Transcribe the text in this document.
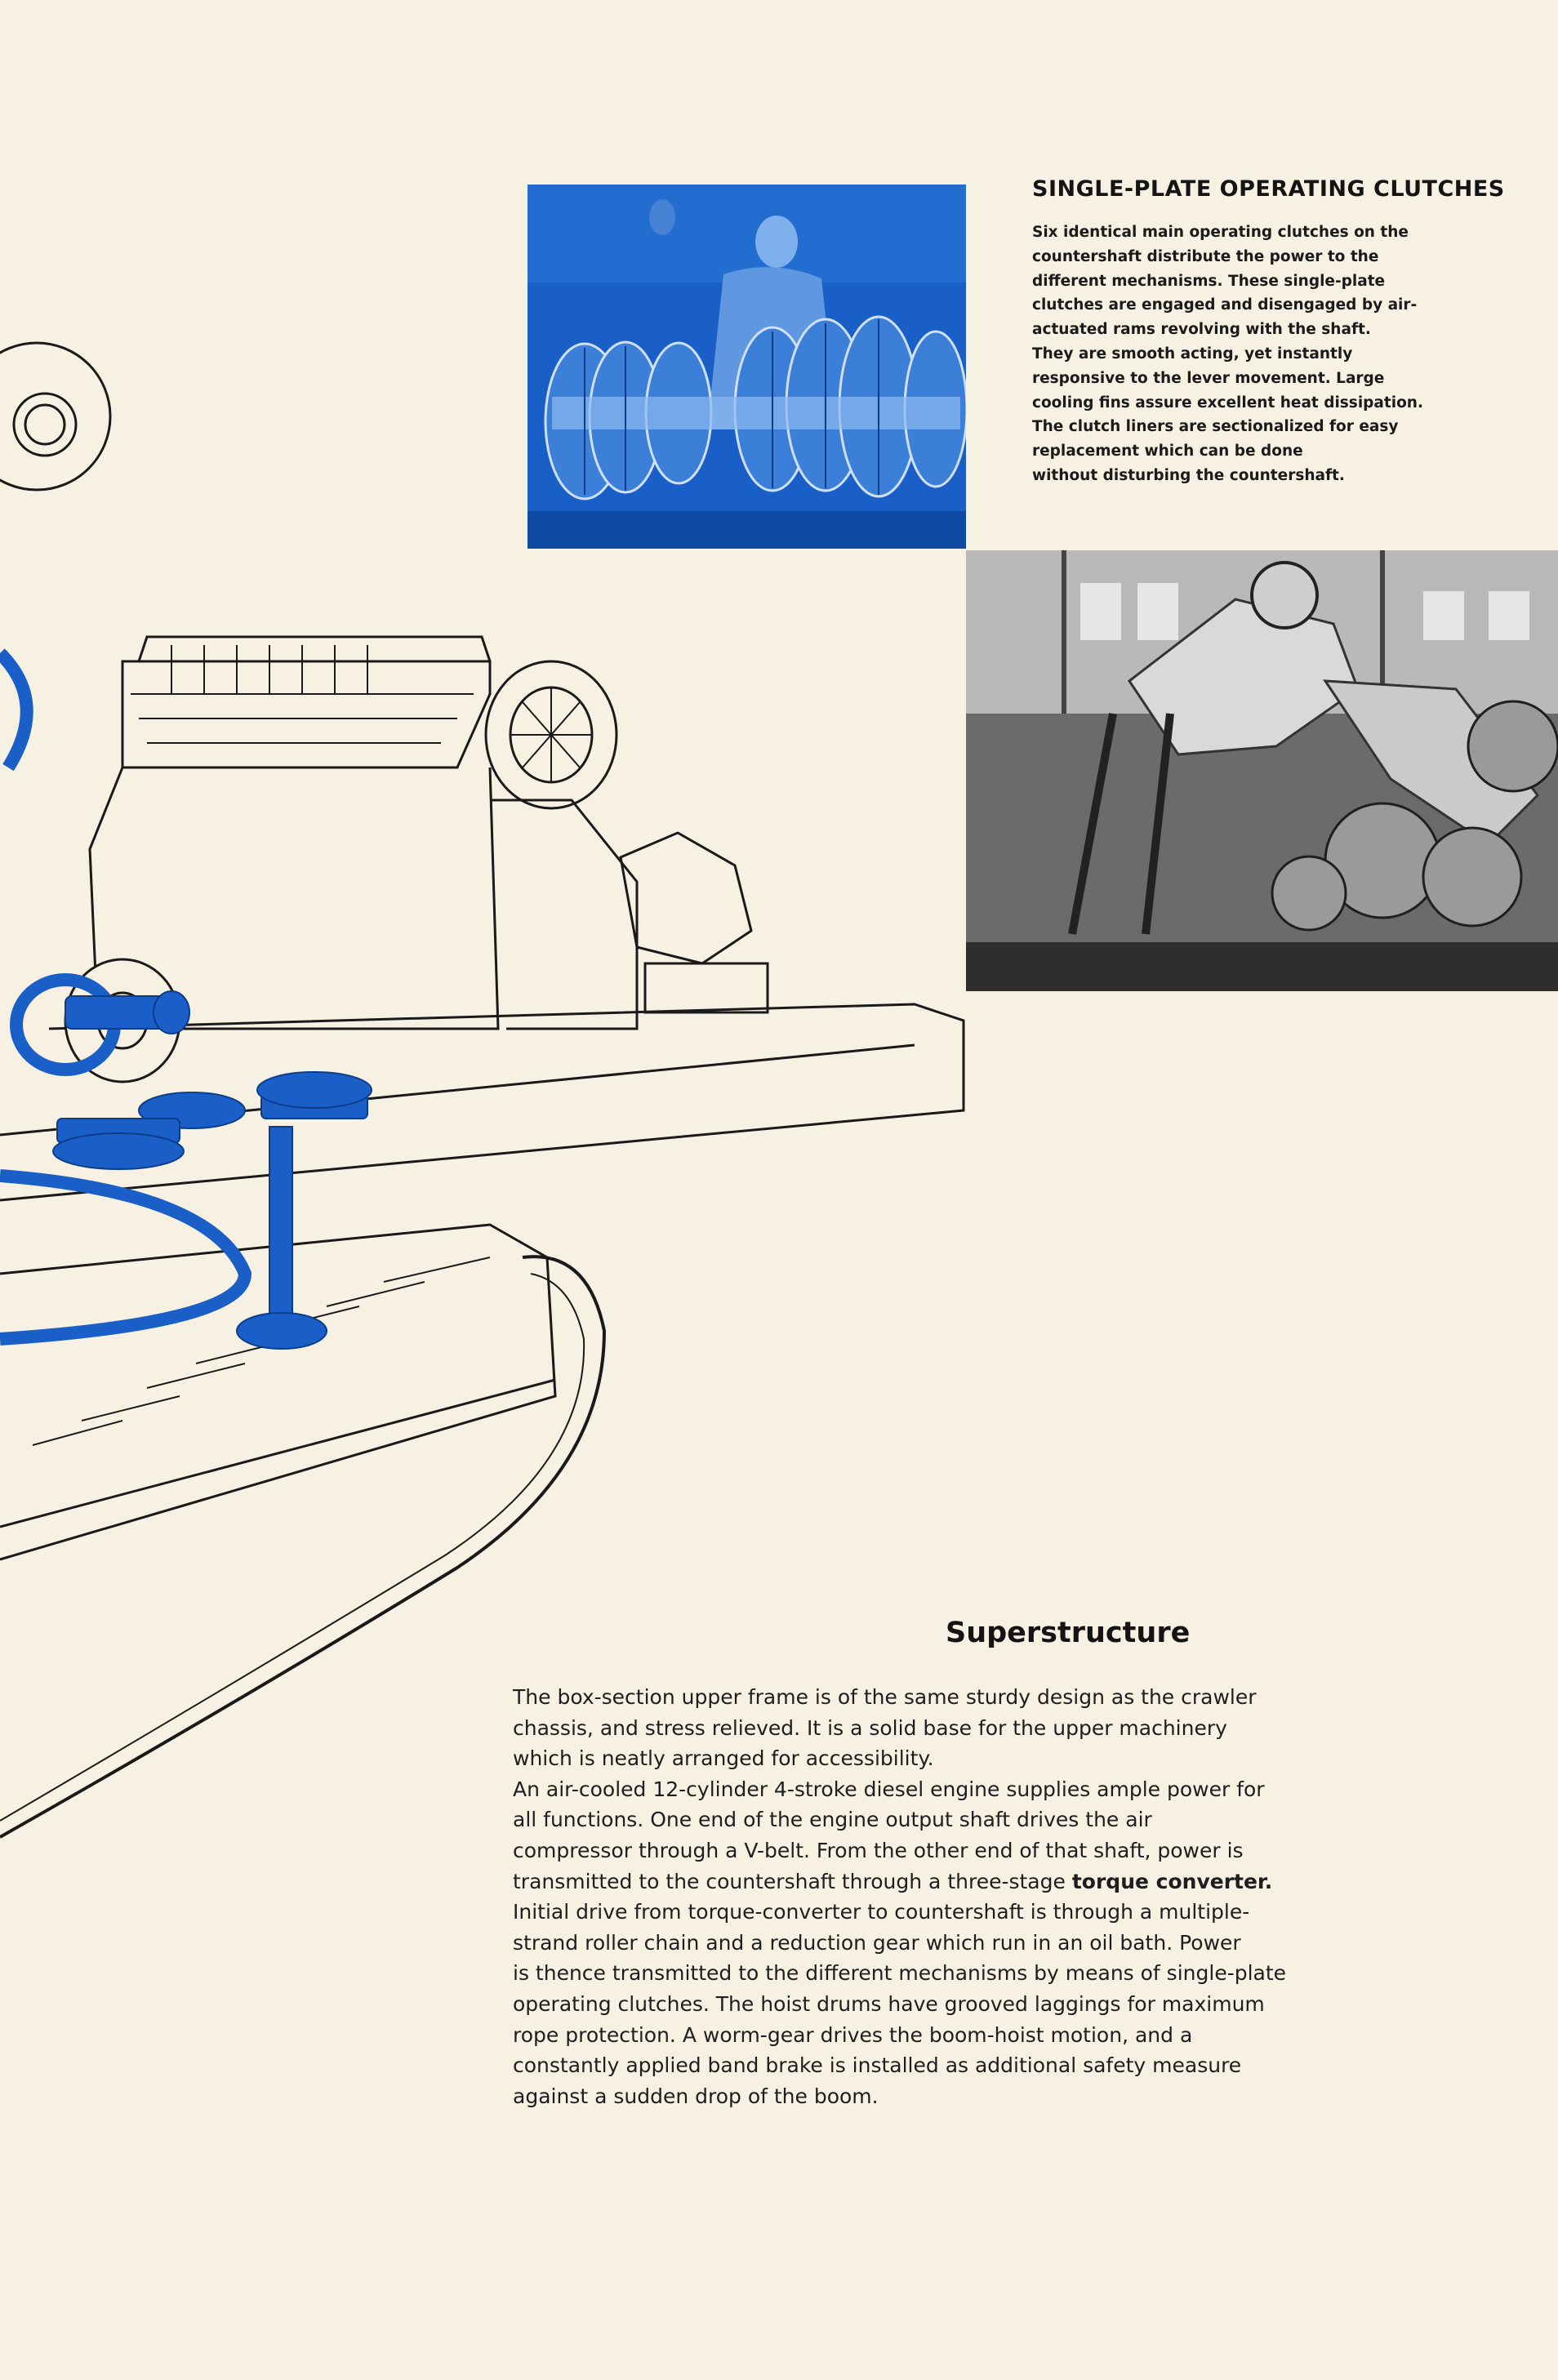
SINGLE-PLATE OPERATING CLUTCHES
Six identical main operating clutches on the
countershaft distribute the power to the
different mechanisms. These single-plate
clutches are engaged and disengaged by air-
actuated rams revolving with the shaft.
They are smooth acting, yet instantly
responsive to the lever movement. Large
cooling fins assure excellent heat dissipation.
The clutch liners are sectionalized for easy
replacement which can be done
without disturbing the countershaft.
Superstructure
The box-section upper frame is of the same sturdy design as the crawler
chassis, and stress relieved. It is a solid base for the upper machinery
which is neatly arranged for accessibility.
An air-cooled 12-cylinder 4-stroke diesel engine supplies ample power for
all functions. One end of the engine output shaft drives the air
compressor through a V-belt. From the other end of that shaft, power is
transmitted to the countershaft through a three-stage torque converter.
Initial drive from torque-converter to countershaft is through a multiple-
strand roller chain and a reduction gear which run in an oil bath. Power
is thence transmitted to the different mechanisms by means of single-plate
operating clutches. The hoist drums have grooved laggings for maximum
rope protection. A worm-gear drives the boom-hoist motion, and a
constantly applied band brake is installed as additional safety measure
against a sudden drop of the boom.
